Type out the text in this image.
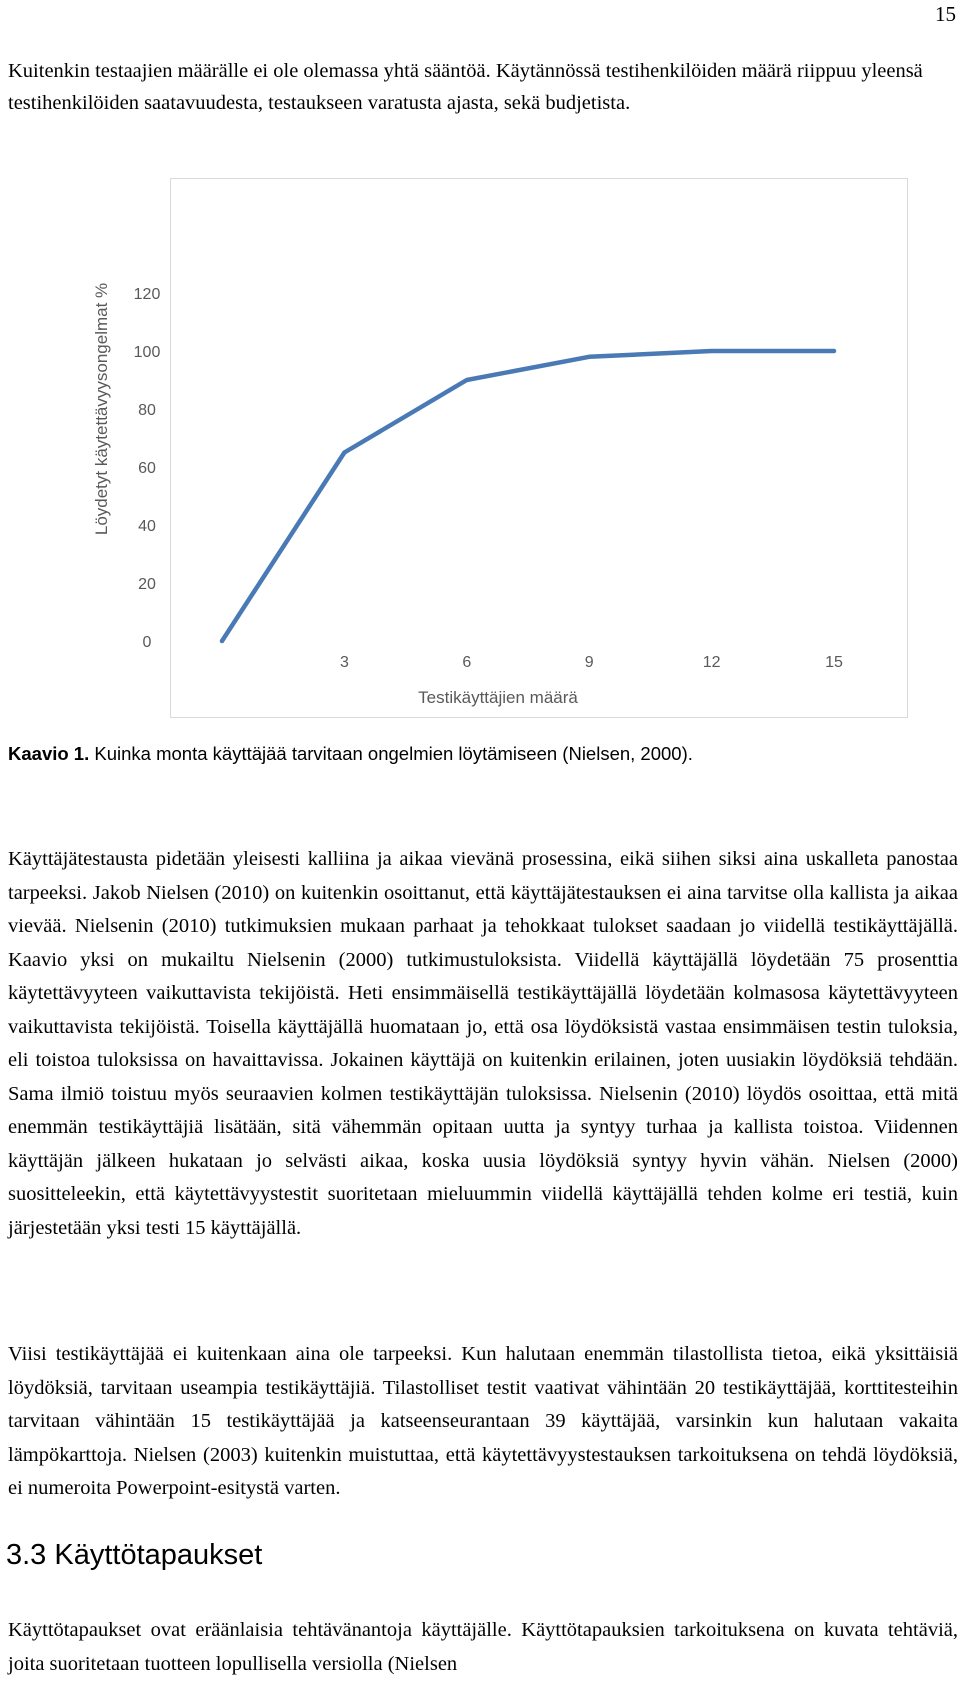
15

Kuitenkin testaajien määrälle ei ole olemassa yhtä sääntöä. Käytännössä testihenkilöiden määrä riippuu yleensä testihenkilöiden saatavuudesta, testaukseen varatusta ajasta, sekä budjetista.

0
20
40
60
80
100
120
3	6	9	12	15
Löydetyt käytettävyysongelmat %
Testikäyttäjien määrä

Kaavio 1. Kuinka monta käyttäjää tarvitaan ongelmien löytämiseen (Nielsen, 2000).

Käyttäjätestausta pidetään yleisesti kalliina ja aikaa vievänä prosessina, eikä siihen siksi aina uskalleta panostaa tarpeeksi. Jakob Nielsen (2010) on kuitenkin osoittanut, että käyttäjätestauksen ei aina tarvitse olla kallista ja aikaa vievää. Nielsenin (2010) tutkimuksien mukaan parhaat ja tehokkaat tulokset saadaan jo viidellä testikäyttäjällä. Kaavio yksi on mukailtu Nielsenin (2000) tutkimustuloksista. Viidellä käyttäjällä löydetään 75 prosenttia käytettävyyteen vaikuttavista tekijöistä. Heti ensimmäisellä testikäyttäjällä löydetään kolmasosa käytettävyyteen vaikuttavista tekijöistä. Toisella käyttäjällä huomataan jo, että osa löydöksistä vastaa ensimmäisen testin tuloksia, eli toistoa tuloksissa on havaittavissa. Jokainen käyttäjä on kuitenkin erilainen, joten uusiakin löydöksiä tehdään. Sama ilmiö toistuu myös seuraavien kolmen testikäyttäjän tuloksissa. Nielsenin (2010) löydös osoittaa, että mitä enemmän testikäyttäjiä lisätään, sitä vähemmän opitaan uutta ja syntyy turhaa ja kallista toistoa. Viidennen käyttäjän jälkeen hukataan jo selvästi aikaa, koska uusia löydöksiä syntyy hyvin vähän. Nielsen (2000) suositteleekin, että käytettävyystestit suoritetaan mieluummin viidellä käyttäjällä tehden kolme eri testiä, kuin järjestetään yksi testi 15 käyttäjällä.

Viisi testikäyttäjää ei kuitenkaan aina ole tarpeeksi. Kun halutaan enemmän tilastollista tietoa, eikä yksittäisiä löydöksiä, tarvitaan useampia testikäyttäjiä. Tilastolliset testit vaativat vähintään 20 testikäyttäjää, korttitesteihin tarvitaan vähintään 15 testikäyttäjää ja katseenseurantaan 39 käyttäjää, varsinkin kun halutaan vakaita lämpökarttoja. Nielsen (2003) kuitenkin muistuttaa, että käytettävyystestauksen tarkoituksena on tehdä löydöksiä, ei numeroita Powerpoint-esitystä varten.

3.3 Käyttötapaukset

Käyttötapaukset ovat eräänlaisia tehtävänantoja käyttäjälle. Käyttötapauksien tarkoituksena on kuvata tehtäviä, joita suoritetaan tuotteen lopullisella versiolla (Nielsen
